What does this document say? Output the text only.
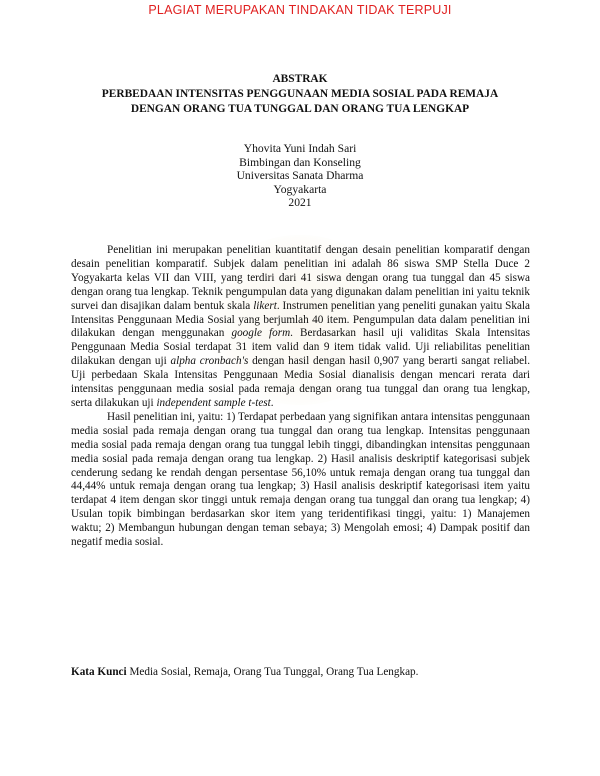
PLAGIAT MERUPAKAN TINDAKAN TIDAK TERPUJI
ABSTRAK
PERBEDAAN INTENSITAS PENGGUNAAN MEDIA SOSIAL PADA REMAJA
DENGAN ORANG TUA TUNGGAL DAN ORANG TUA LENGKAP
Yhovita Yuni Indah Sari
Bimbingan dan Konseling
Universitas Sanata Dharma
Yogyakarta
2021

Penelitian ini merupakan penelitian kuantitatif dengan desain penelitian komparatif dengan desain penelitian komparatif. Subjek dalam penelitian ini adalah 86 siswa SMP Stella Duce 2 Yogyakarta kelas VII dan VIII, yang terdiri dari 41 siswa dengan orang tua tunggal dan 45 siswa dengan orang tua lengkap. Teknik pengumpulan data yang digunakan dalam penelitian ini yaitu teknik survei dan disajikan dalam bentuk skala likert. Instrumen penelitian yang peneliti gunakan yaitu Skala Intensitas Penggunaan Media Sosial yang berjumlah 40 item. Pengumpulan data dalam penelitian ini dilakukan dengan menggunakan google form. Berdasarkan hasil uji validitas Skala Intensitas Penggunaan Media Sosial terdapat 31 item valid dan 9 item tidak valid. Uji reliabilitas penelitian dilakukan dengan uji alpha cronbach's dengan hasil dengan hasil 0,907 yang berarti sangat reliabel. Uji perbedaan Skala Intensitas Penggunaan Media Sosial dianalisis dengan mencari rerata dari intensitas penggunaan media sosial pada remaja dengan orang tua tunggal dan orang tua lengkap, serta dilakukan uji independent sample t-test.

Hasil penelitian ini, yaitu: 1) Terdapat perbedaan yang signifikan antara intensitas penggunaan media sosial pada remaja dengan orang tua tunggal dan orang tua lengkap. Intensitas penggunaan media sosial pada remaja dengan orang tua tunggal lebih tinggi, dibandingkan intensitas penggunaan media sosial pada remaja dengan orang tua lengkap. 2) Hasil analisis deskriptif kategorisasi subjek cenderung sedang ke rendah dengan persentase 56,10% untuk remaja dengan orang tua tunggal dan 44,44% untuk remaja dengan orang tua lengkap; 3) Hasil analisis deskriptif kategorisasi item yaitu terdapat 4 item dengan skor tinggi untuk remaja dengan orang tua tunggal dan orang tua lengkap; 4) Usulan topik bimbingan berdasarkan skor item yang teridentifikasi tinggi, yaitu: 1) Manajemen waktu; 2) Membangun hubungan dengan teman sebaya; 3) Mengolah emosi; 4) Dampak positif dan negatif media sosial.

Kata Kunci Media Sosial, Remaja, Orang Tua Tunggal, Orang Tua Lengkap.
